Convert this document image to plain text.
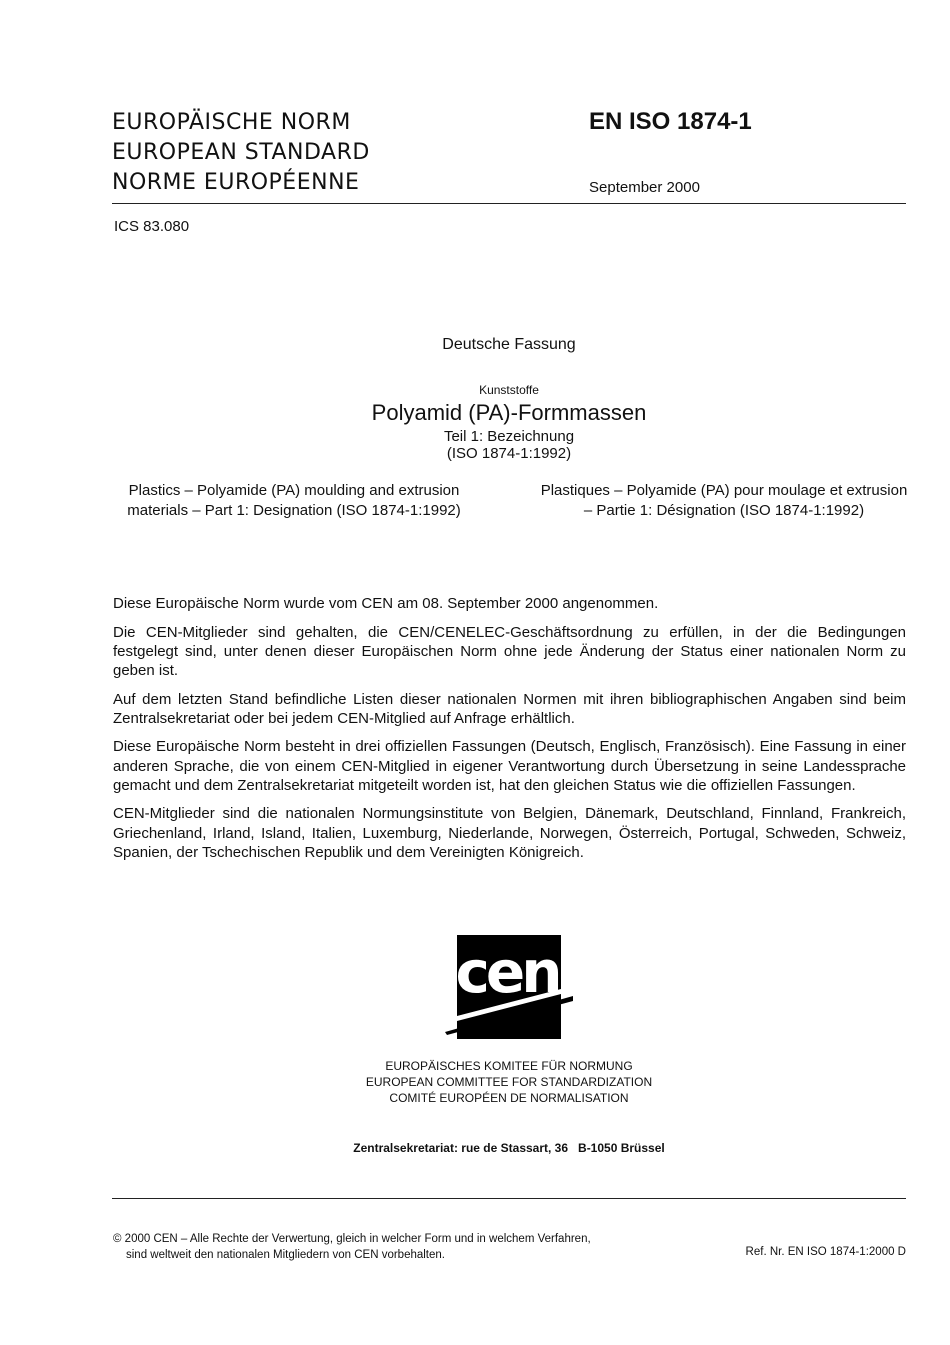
EUROPÄISCHE NORM
EUROPEAN STANDARD
NORME EUROPÉENNE
EN ISO 1874-1
September 2000
ICS 83.080
Deutsche Fassung
Kunststoffe
Polyamid (PA)-Formmassen
Teil 1: Bezeichnung
(ISO 1874-1:1992)
Plastics – Polyamide (PA) moulding and extrusion materials – Part 1: Designation (ISO 1874-1:1992)
Plastiques – Polyamide (PA) pour moulage et extrusion – Partie 1: Désignation (ISO 1874-1:1992)

Diese Europäische Norm wurde vom CEN am 08. September 2000 angenommen.

Die CEN-Mitglieder sind gehalten, die CEN/CENELEC-Geschäftsordnung zu erfüllen, in der die Bedingungen festgelegt sind, unter denen dieser Europäischen Norm ohne jede Änderung der Status einer nationalen Norm zu geben ist.

Auf dem letzten Stand befindliche Listen dieser nationalen Normen mit ihren bibliographischen Angaben sind beim Zentralsekretariat oder bei jedem CEN-Mitglied auf Anfrage erhältlich.

Diese Europäische Norm besteht in drei offiziellen Fassungen (Deutsch, Englisch, Französisch). Eine Fassung in einer anderen Sprache, die von einem CEN-Mitglied in eigener Verantwortung durch Übersetzung in seine Landessprache gemacht und dem Zentralsekretariat mitgeteilt worden ist, hat den gleichen Status wie die offiziellen Fassungen.

CEN-Mitglieder sind die nationalen Normungsinstitute von Belgien, Dänemark, Deutschland, Finnland, Frankreich, Griechenland, Irland, Island, Italien, Luxemburg, Niederlande, Norwegen, Österreich, Portugal, Schweden, Schweiz, Spanien, der Tschechischen Republik und dem Vereinigten Königreich.

cen
EUROPÄISCHES KOMITEE FÜR NORMUNG
EUROPEAN COMMITTEE FOR STANDARDIZATION
COMITÉ EUROPÉEN DE NORMALISATION
Zentralsekretariat: rue de Stassart, 36   B-1050 Brüssel
© 2000 CEN – Alle Rechte der Verwertung, gleich in welcher Form und in welchem Verfahren,
sind weltweit den nationalen Mitgliedern von CEN vorbehalten.	Ref. Nr. EN ISO 1874-1:2000 D
